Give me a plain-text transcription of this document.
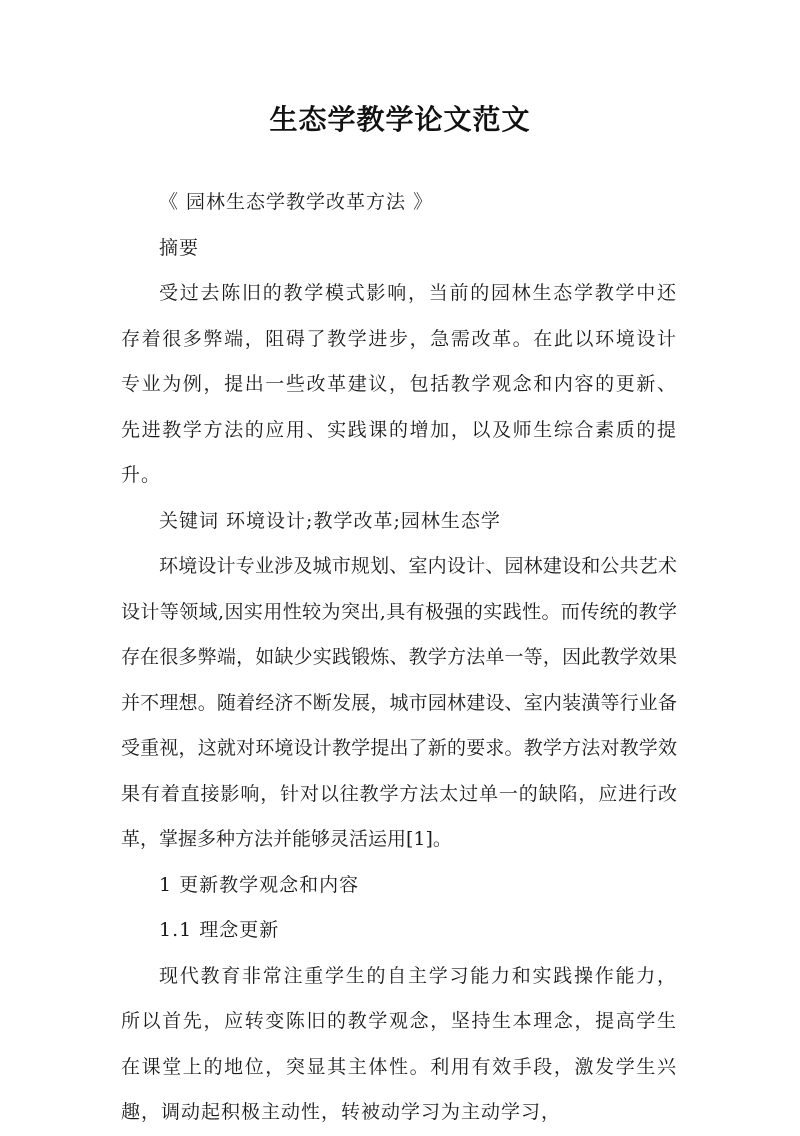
生态学教学论文范文

《 园林生态学教学改革方法 》

摘要

受过去陈旧的教学模式影响，当前的园林生态学教学中还存着很多弊端，阻碍了教学进步，急需改革。在此以环境设计专业为例，提出一些改革建议，包括教学观念和内容的更新、先进教学方法的应用、实践课的增加，以及师生综合素质的提升。

关键词 环境设计;教学改革;园林生态学

环境设计专业涉及城市规划、室内设计、园林建设和公共艺术设计等领域,因实用性较为突出,具有极强的实践性。而传统的教学存在很多弊端，如缺少实践锻炼、教学方法单一等，因此教学效果并不理想。随着经济不断发展，城市园林建设、室内装潢等行业备受重视，这就对环境设计教学提出了新的要求。教学方法对教学效果有着直接影响，针对以往教学方法太过单一的缺陷，应进行改革，掌握多种方法并能够灵活运用[1]。

1 更新教学观念和内容

1.1 理念更新

现代教育非常注重学生的自主学习能力和实践操作能力，所以首先，应转变陈旧的教学观念，坚持生本理念，提高学生在课堂上的地位，突显其主体性。利用有效手段，激发学生兴趣，调动起积极主动性，转被动学习为主动学习，
